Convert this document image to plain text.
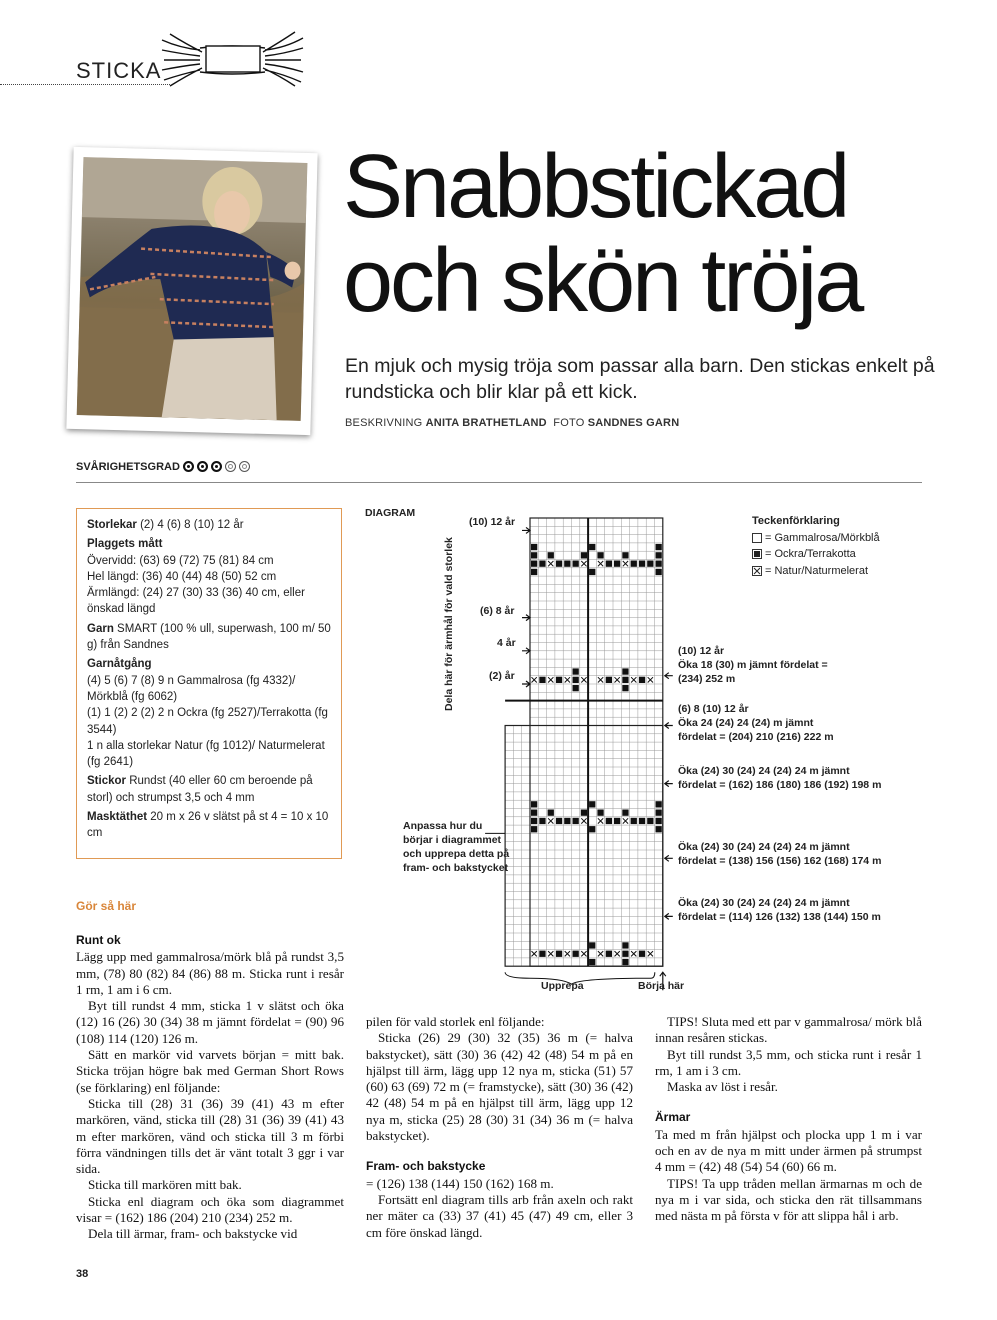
STICKA
Snabbstickad
och skön tröja
En mjuk och mysig tröja som passar alla barn. Den stickas enkelt på rundsticka och blir klar på ett kick.
BESKRIVNING ANITA BRATHETLAND FOTO SANDNES GARN
SVÅRIGHETSGRAD
Storlekar (2) 4 (6) 8 (10) 12 år
Plaggets mått
Övervidd: (63) 69 (72) 75 (81) 84 cm
Hel längd: (36) 40 (44) 48 (50) 52 cm
Ärmlängd: (24) 27 (30) 33 (36) 40 cm, eller önskad längd
Garn SMART (100 % ull, superwash, 100 m/ 50 g) från Sandnes
Garnåtgång
(4) 5 (6) 7 (8) 9 n Gammalrosa (fg 4332)/ Mörkblå (fg 6062)
(1) 1 (2) 2 (2) 2 n Ockra (fg 2527)/Terrakotta (fg 3544)
1 n alla storlekar Natur (fg 1012)/ Naturmelerat (fg 2641)
Stickor Rundst (40 eller 60 cm beroende på storl) och strumpst 3,5 och 4 mm
Masktäthet 20 m x 26 v slätst på st 4 = 10 x 10 cm
Gör så här
Runt ok

Lägg upp med gammalrosa/mörk blå på rundst 3,5 mm, (78) 80 (82) 84 (86) 88 m. Sticka runt i resår 1 rm, 1 am i 6 cm.

Byt till rundst 4 mm, sticka 1 v slätst och öka (12) 16 (26) 30 (34) 38 m jämnt fördelat = (90) 96 (108) 114 (120) 126 m.

Sätt en markör vid varvets början = mitt bak. Sticka tröjan högre bak med German Short Rows (se förklaring) enl följande:

Sticka till (28) 31 (36) 39 (41) 43 m efter markören, vänd, sticka till (28) 31 (36) 39 (41) 43 m efter markören, vänd och sticka till 3 m förbi förra vändningen tills det är vänt totalt 3 ggr i var sida.

Sticka till markören mitt bak.

Sticka enl diagram och öka som diagrammet visar = (162) 186 (204) 210 (234) 252 m.

Dela till ärmar, fram- och bakstycke vid

pilen för vald storlek enl följande:

Sticka (26) 29 (30) 32 (35) 36 m (= halva bakstycket), sätt (30) 36 (42) 42 (48) 54 m på en hjälpst till ärm, lägg upp 12 nya m, sticka (51) 57 (60) 63 (69) 72 m (= framstycke), sätt (30) 36 (42) 42 (48) 54 m på en hjälpst till ärm, lägg upp 12 nya m, sticka (25) 28 (30) 31 (34) 36 m (= halva bakstycket).

Fram- och bakstycke

= (126) 138 (144) 150 (162) 168 m.

Fortsätt enl diagram tills arb från axeln och rakt ner mäter ca (33) 37 (41) 45 (47) 49 cm, eller 3 cm före önskad längd.

TIPS! Sluta med ett par v gammalrosa/ mörk blå innan resåren stickas.

Byt till rundst 3,5 mm, och sticka runt i resår 1 rm, 1 am i 3 cm.

Maska av löst i resår.

Ärmar

Ta med m från hjälpst och plocka upp 1 m i var och en av de nya m mitt under ärmen på strumpst 4 mm = (42) 48 (54) 54 (60) 66 m.

TIPS! Ta upp tråden mellan ärmarnas m och de nya m i var sida, och sticka den rät tillsammans med nästa m på första v för att slippa hål i arb.

DIAGRAM
Dela här för ärmhål för vald storlek
(10) 12 år
(6) 8 år
4 år
(2) år
(10) 12 år
Öka 18 (30) m jämnt fördelat =
(234) 252 m
(6) 8 (10) 12 år
Öka 24 (24) 24 (24) m jämnt
fördelat = (204) 210 (216) 222 m
Öka (24) 30 (24) 24 (24) 24 m jämnt
fördelat = (162) 186 (180) 186 (192) 198 m
Öka (24) 30 (24) 24 (24) 24 m jämnt
fördelat = (138) 156 (156) 162 (168) 174 m
Öka (24) 30 (24) 24 (24) 24 m jämnt
fördelat = (114) 126 (132) 138 (144) 150 m
Anpassa hur du
börjar i diagrammet
och upprepa detta på
fram- och bakstycket
Upprepa	Börja här
Teckenförklaring
= Gammalrosa/Mörkblå
= Ockra/Terrakotta
= Natur/Naturmelerat
38
